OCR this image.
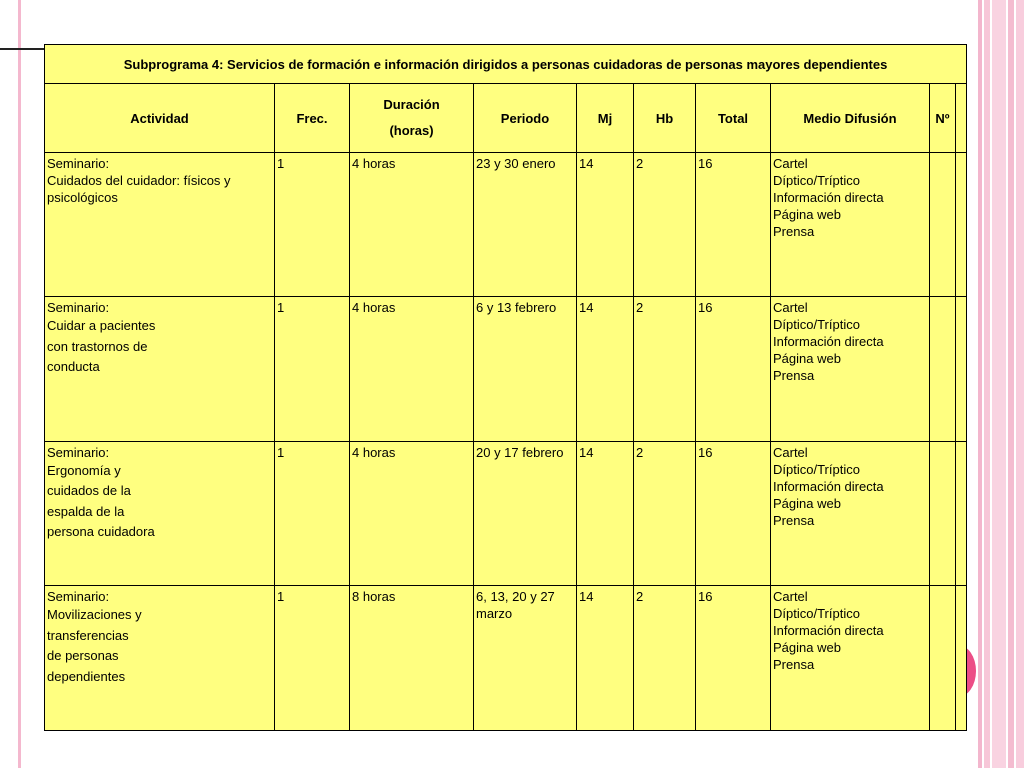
Subprograma 4: Servicios de formación e información dirigidos a personas cuidadoras de personas mayores dependientes									
Actividad	Frec.	Duración
(horas)	Periodo	Mj	Hb	Total	Medio Difusión	Nº	

Seminario:
Cuidados del cuidador: físicos y
psicológicos	1	4 horas	23 y 30 enero	14	2	16	Cartel
Díptico/Tríptico
Información directa
Página web
Prensa		

Seminario:
Cuidar a pacientes
con trastornos de
conducta	1	4 horas	6 y 13 febrero	14	2	16	Cartel
Díptico/Tríptico
Información directa
Página web
Prensa		

Seminario:
Ergonomía y
cuidados de la
espalda de la
persona cuidadora	1	4 horas	20 y 17 febrero	14	2	16	Cartel
Díptico/Tríptico
Información directa
Página web
Prensa		

Seminario:
Movilizaciones y
transferencias
de personas
dependientes	1	8 horas	6, 13, 20 y 27 marzo	14	2	16	Cartel
Díptico/Tríptico
Información directa
Página web
Prensa		
